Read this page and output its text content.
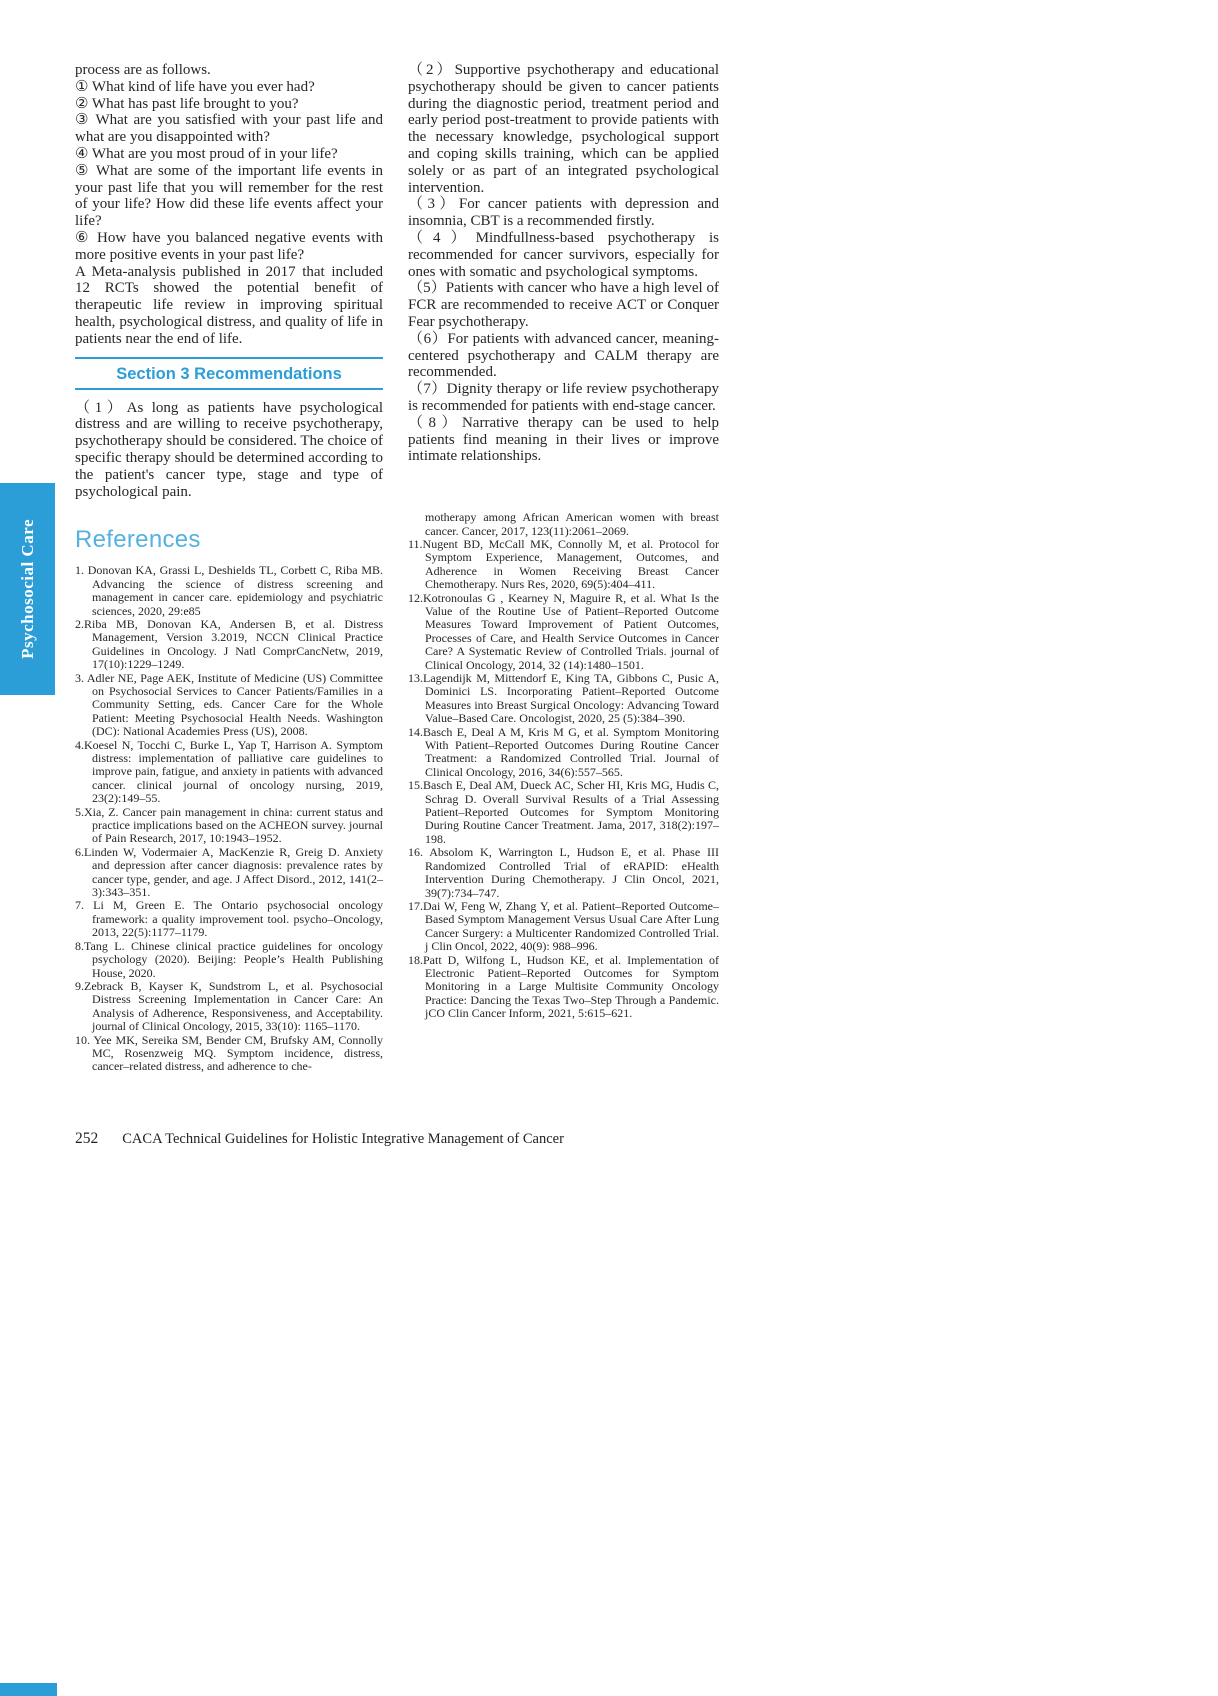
Psychosocial Care

process are as follows.

① What kind of life have you ever had?

② What has past life brought to you?

③ What are you satisfied with your past life and what are you disappointed with?

④ What are you most proud of in your life?

⑤ What are some of the important life events in your past life that you will remember for the rest of your life? How did these life events affect your life?

⑥ How have you balanced negative events with more positive events in your past life?

A Meta-analysis published in 2017 that included 12 RCTs showed the potential benefit of therapeutic life review in improving spiritual health, psychological distress, and quality of life in patients near the end of life.

Section 3 Recommendations

（1）As long as patients have psychological distress and are willing to receive psychotherapy, psychotherapy should be considered. The choice of specific therapy should be determined according to the patient's cancer type, stage and type of psychological pain.

References

1. Donovan KA, Grassi L, Deshields TL, Corbett C, Riba MB. Advancing the science of distress screening and management in cancer care. epidemiology and psychiatric sciences, 2020, 29:e85

2.Riba MB, Donovan KA, Andersen B, et al. Distress Management, Version 3.2019, NCCN Clinical Practice Guidelines in Oncology. J Natl ComprCancNetw, 2019, 17(10):1229–1249.

3. Adler NE, Page AEK, Institute of Medicine (US) Committee on Psychosocial Services to Cancer Patients/Families in a Community Setting, eds. Cancer Care for the Whole Patient: Meeting Psychosocial Health Needs. Washington (DC): National Academies Press (US), 2008.

4.Koesel N, Tocchi C, Burke L, Yap T, Harrison A. Symptom distress: implementation of palliative care guidelines to improve pain, fatigue, and anxiety in patients with advanced cancer. clinical journal of oncology nursing, 2019, 23(2):149–55.

5.Xia, Z. Cancer pain management in china: current status and practice implications based on the ACHEON survey. journal of Pain Research, 2017, 10:1943–1952.

6.Linden W, Vodermaier A, MacKenzie R, Greig D. Anxiety and depression after cancer diagnosis: prevalence rates by cancer type, gender, and age. J Affect Disord., 2012, 141(2–3):343–351.

7. Li M, Green E. The Ontario psychosocial oncology framework: a quality improvement tool. psycho–Oncology, 2013, 22(5):1177–1179.

8.Tang L. Chinese clinical practice guidelines for oncology psychology (2020). Beijing: People’s Health Publishing House, 2020.

9.Zebrack B, Kayser K, Sundstrom L, et al. Psychosocial Distress Screening Implementation in Cancer Care: An Analysis of Adherence, Responsiveness, and Acceptability. journal of Clinical Oncology, 2015, 33(10): 1165–1170.

10. Yee MK, Sereika SM, Bender CM, Brufsky AM, Connolly MC, Rosenzweig MQ. Symptom incidence, distress, cancer–related distress, and adherence to che-

（2）Supportive psychotherapy and educational psychotherapy should be given to cancer patients during the diagnostic period, treatment period and early period post-treatment to provide patients with the necessary knowledge, psychological support and coping skills training, which can be applied solely or as part of an integrated psychological intervention.

（3）For cancer patients with depression and insomnia, CBT is a recommended firstly.

（4）Mindfullness-based psychotherapy is recommended for cancer survivors, especially for ones with somatic and psychological symptoms.

（5）Patients with cancer who have a high level of FCR are recommended to receive ACT or Conquer Fear psychotherapy.

（6）For patients with advanced cancer, meaning-centered psychotherapy and CALM therapy are recommended.

（7）Dignity therapy or life review psychotherapy is recommended for patients with end-stage cancer.

（8）Narrative therapy can be used to help patients find meaning in their lives or improve intimate relationships.

motherapy among African American women with breast cancer. Cancer, 2017, 123(11):2061–2069.

11.Nugent BD, McCall MK, Connolly M, et al. Protocol for Symptom Experience, Management, Outcomes, and Adherence in Women Receiving Breast Cancer Chemotherapy. Nurs Res, 2020, 69(5):404–411.

12.Kotronoulas G , Kearney N, Maguire R, et al. What Is the Value of the Routine Use of Patient–Reported Outcome Measures Toward Improvement of Patient Outcomes, Processes of Care, and Health Service Outcomes in Cancer Care? A Systematic Review of Controlled Trials. journal of Clinical Oncology, 2014, 32 (14):1480–1501.

13.Lagendijk M, Mittendorf E, King TA, Gibbons C, Pusic A, Dominici LS. Incorporating Patient–Reported Outcome Measures into Breast Surgical Oncology: Advancing Toward Value–Based Care. Oncologist, 2020, 25 (5):384–390.

14.Basch E, Deal A M, Kris M G, et al. Symptom Monitoring With Patient–Reported Outcomes During Routine Cancer Treatment: a Randomized Controlled Trial. Journal of Clinical Oncology, 2016, 34(6):557–565.

15.Basch E, Deal AM, Dueck AC, Scher HI, Kris MG, Hudis C, Schrag D. Overall Survival Results of a Trial Assessing Patient–Reported Outcomes for Symptom Monitoring During Routine Cancer Treatment. Jama, 2017, 318(2):197–198.

16. Absolom K, Warrington L, Hudson E, et al. Phase III Randomized Controlled Trial of eRAPID: eHealth Intervention During Chemotherapy. J Clin Oncol, 2021, 39(7):734–747.

17.Dai W, Feng W, Zhang Y, et al. Patient–Reported Outcome–Based Symptom Management Versus Usual Care After Lung Cancer Surgery: a Multicenter Randomized Controlled Trial. j Clin Oncol, 2022, 40(9): 988–996.

18.Patt D, Wilfong L, Hudson KE, et al. Implementation of Electronic Patient–Reported Outcomes for Symptom Monitoring in a Large Multisite Community Oncology Practice: Dancing the Texas Two–Step Through a Pandemic. jCO Clin Cancer Inform, 2021, 5:615–621.

252 CACA Technical Guidelines for Holistic Integrative Management of Cancer
